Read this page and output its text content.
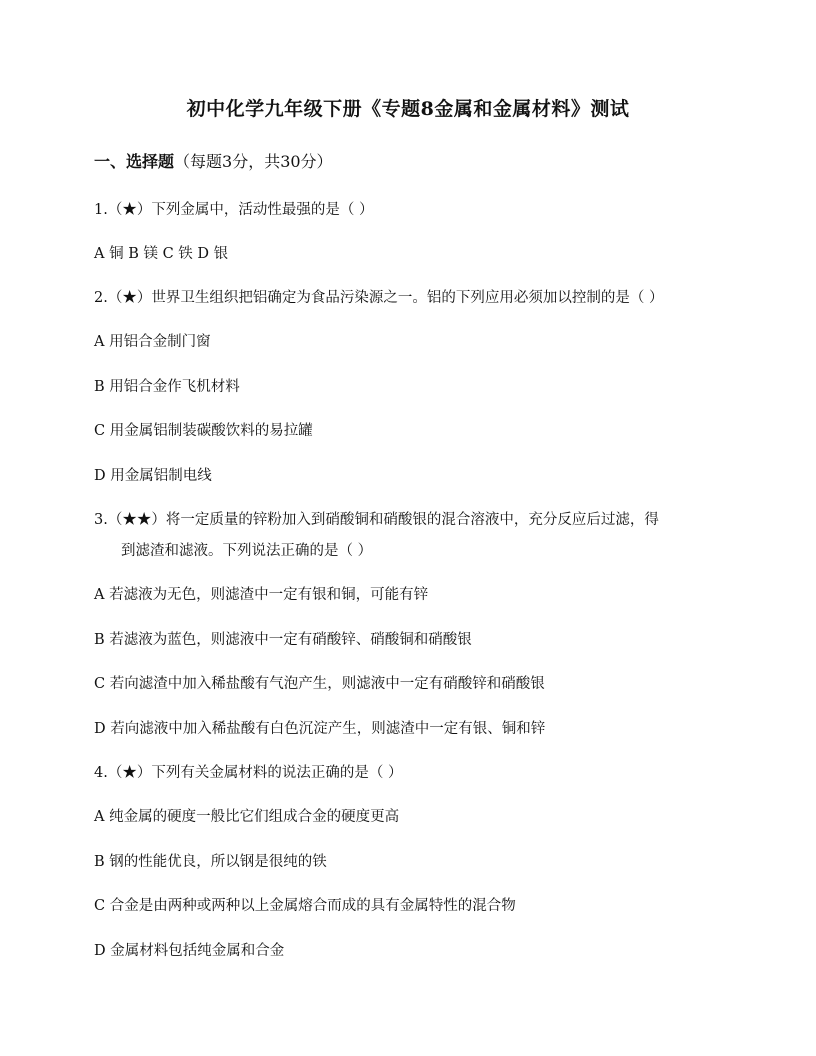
初中化学九年级下册《专题8金属和金属材料》测试
一、选择题（每题3分，共30分）
1.（★）下列金属中，活动性最强的是（ ）
A 铜 B 镁 C 铁 D 银
2.（★）世界卫生组织把铝确定为食品污染源之一。铝的下列应用必须加以控制的是（ ）
A 用铝合金制门窗
B 用铝合金作飞机材料
C 用金属铝制装碳酸饮料的易拉罐
D 用金属铝制电线
3.（★★）将一定质量的锌粉加入到硝酸铜和硝酸银的混合溶液中，充分反应后过滤，得
到滤渣和滤液。下列说法正确的是（ ）
A 若滤液为无色，则滤渣中一定有银和铜，可能有锌
B 若滤液为蓝色，则滤液中一定有硝酸锌、硝酸铜和硝酸银
C 若向滤渣中加入稀盐酸有气泡产生，则滤液中一定有硝酸锌和硝酸银
D 若向滤液中加入稀盐酸有白色沉淀产生，则滤渣中一定有银、铜和锌
4.（★）下列有关金属材料的说法正确的是（ ）
A 纯金属的硬度一般比它们组成合金的硬度更高
B 钢的性能优良，所以钢是很纯的铁
C 合金是由两种或两种以上金属熔合而成的具有金属特性的混合物
D 金属材料包括纯金属和合金
